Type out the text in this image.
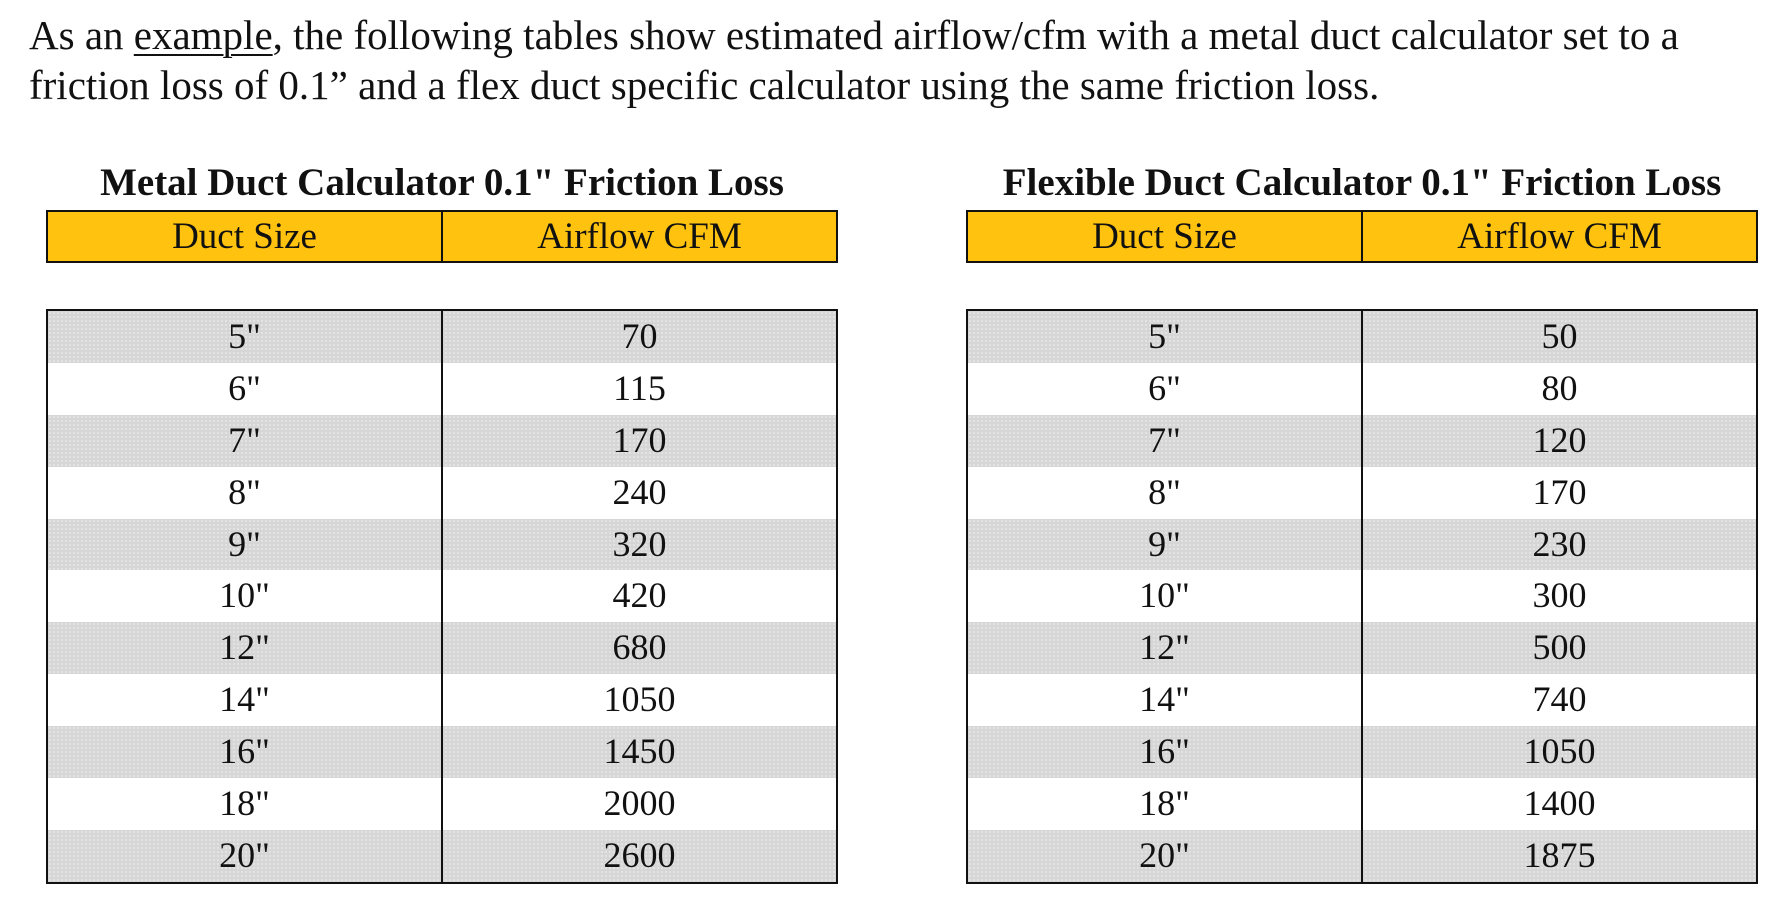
As an example, the following tables show estimated airflow/cfm with a metal duct calculator set to a friction loss of 0.1” and a flex duct specific calculator using the same friction loss.

Metal Duct Calculator 0.1" Friction Loss
Duct Size	Airflow CFM
5"	70
6"	115
7"	170
8"	240
9"	320
10"	420
12"	680
14"	1050
16"	1450
18"	2000
20"	2600
Flexible Duct Calculator 0.1" Friction Loss
Duct Size	Airflow CFM
5"	50
6"	80
7"	120
8"	170
9"	230
10"	300
12"	500
14"	740
16"	1050
18"	1400
20"	1875
